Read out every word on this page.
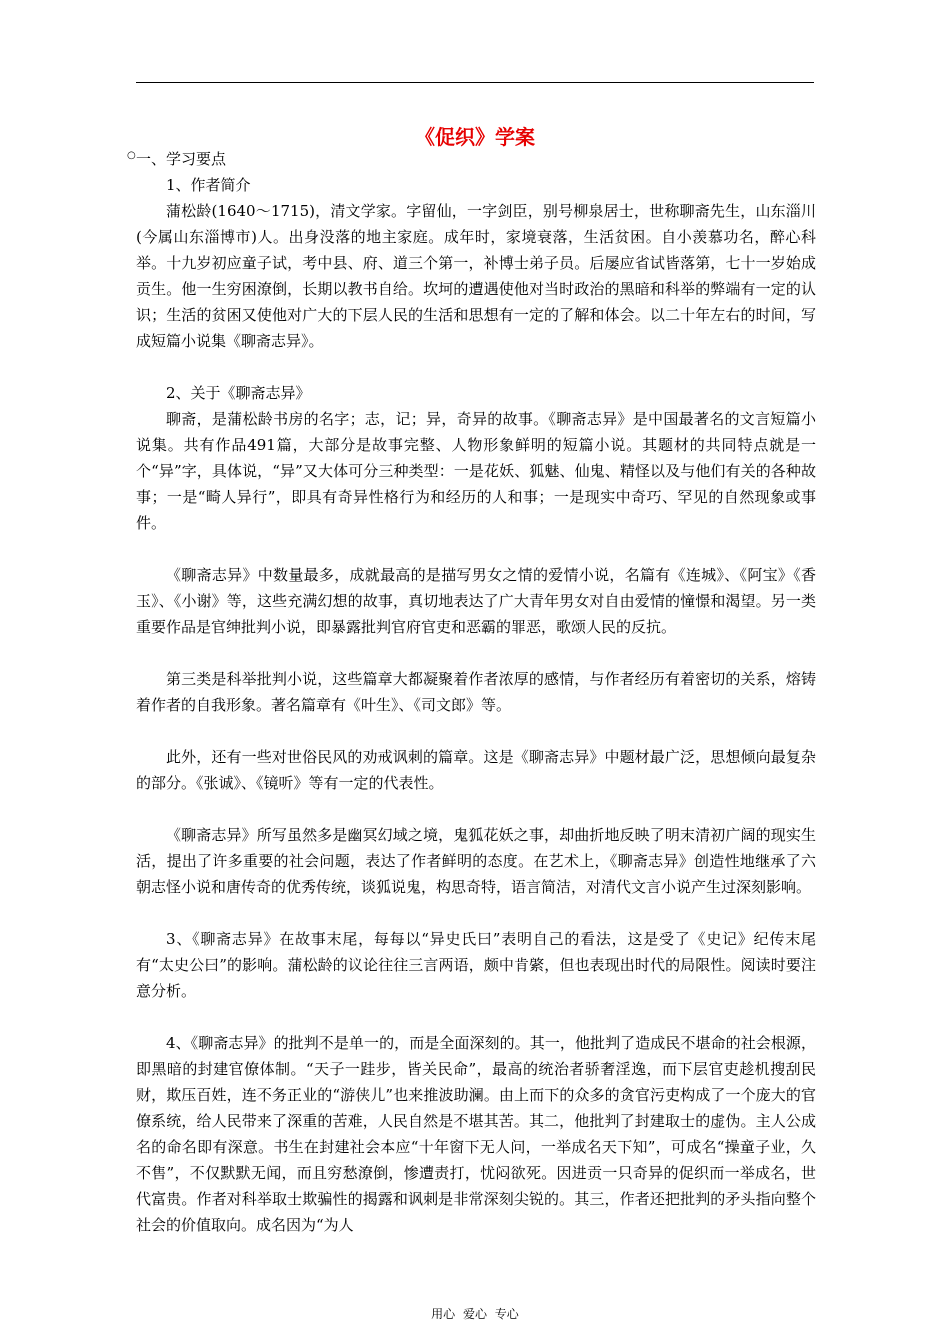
《促织》学案

○ 一、学习要点

1、作者简介

蒲松龄(1640～1715)，清文学家。字留仙，一字剑臣，别号柳泉居士，世称聊斋先生，山东淄川(今属山东淄博市)人。出身没落的地主家庭。成年时，家境衰落，生活贫困。自小羡慕功名，醉心科举。十九岁初应童子试，考中县、府、道三个第一，补博士弟子员。后屡应省试皆落第，七十一岁始成贡生。他一生穷困潦倒，长期以教书自给。坎坷的遭遇使他对当时政治的黑暗和科举的弊端有一定的认识；生活的贫困又使他对广大的下层人民的生活和思想有一定的了解和体会。以二十年左右的时间，写成短篇小说集《聊斋志异》。

2、关于《聊斋志异》

聊斋，是蒲松龄书房的名字；志，记；异，奇异的故事。《聊斋志异》是中国最著名的文言短篇小说集。共有作品491篇，大部分是故事完整、人物形象鲜明的短篇小说。其题材的共同特点就是一个“异”字，具体说，“异”又大体可分三种类型：一是花妖、狐魅、仙鬼、精怪以及与他们有关的各种故事；一是“畸人异行”，即具有奇异性格行为和经历的人和事；一是现实中奇巧、罕见的自然现象或事件。

《聊斋志异》中数量最多，成就最高的是描写男女之情的爱情小说，名篇有《连城》、《阿宝》《香玉》、《小谢》等，这些充满幻想的故事，真切地表达了广大青年男女对自由爱情的憧憬和渴望。另一类重要作品是官绅批判小说，即暴露批判官府官吏和恶霸的罪恶，歌颂人民的反抗。

第三类是科举批判小说，这些篇章大都凝聚着作者浓厚的感情，与作者经历有着密切的关系，熔铸着作者的自我形象。著名篇章有《叶生》、《司文郎》等。

此外，还有一些对世俗民风的劝戒讽刺的篇章。这是《聊斋志异》中题材最广泛，思想倾向最复杂的部分。《张诚》、《镜听》等有一定的代表性。

《聊斋志异》所写虽然多是幽冥幻域之境，鬼狐花妖之事，却曲折地反映了明末清初广阔的现实生活，提出了许多重要的社会问题，表达了作者鲜明的态度。在艺术上，《聊斋志异》创造性地继承了六朝志怪小说和唐传奇的优秀传统，谈狐说鬼，构思奇特，语言简洁，对清代文言小说产生过深刻影响。

3、《聊斋志异》在故事末尾，每每以“异史氏曰”表明自己的看法，这是受了《史记》纪传末尾有“太史公曰”的影响。蒲松龄的议论往往三言两语，颇中肯綮，但也表现出时代的局限性。阅读时要注意分析。

4、《聊斋志异》的批判不是单一的，而是全面深刻的。其一，他批判了造成民不堪命的社会根源，即黑暗的封建官僚体制。“天子一跬步，皆关民命”，最高的统治者骄奢淫逸，而下层官吏趁机搜刮民财，欺压百姓，连不务正业的“游侠儿”也来推波助澜。由上而下的众多的贪官污吏构成了一个庞大的官僚系统，给人民带来了深重的苦难，人民自然是不堪其苦。其二，他批判了封建取士的虚伪。主人公成名的命名即有深意。书生在封建社会本应“十年窗下无人问，一举成名天下知”，可成名“操童子业，久不售”，不仅默默无闻，而且穷愁潦倒，惨遭责打，忧闷欲死。因进贡一只奇异的促织而一举成名，世代富贵。作者对科举取士欺骗性的揭露和讽刺是非常深刻尖锐的。其三，作者还把批判的矛头指向整个社会的价值取向。成名因为“为人

用心 爱心 专心
